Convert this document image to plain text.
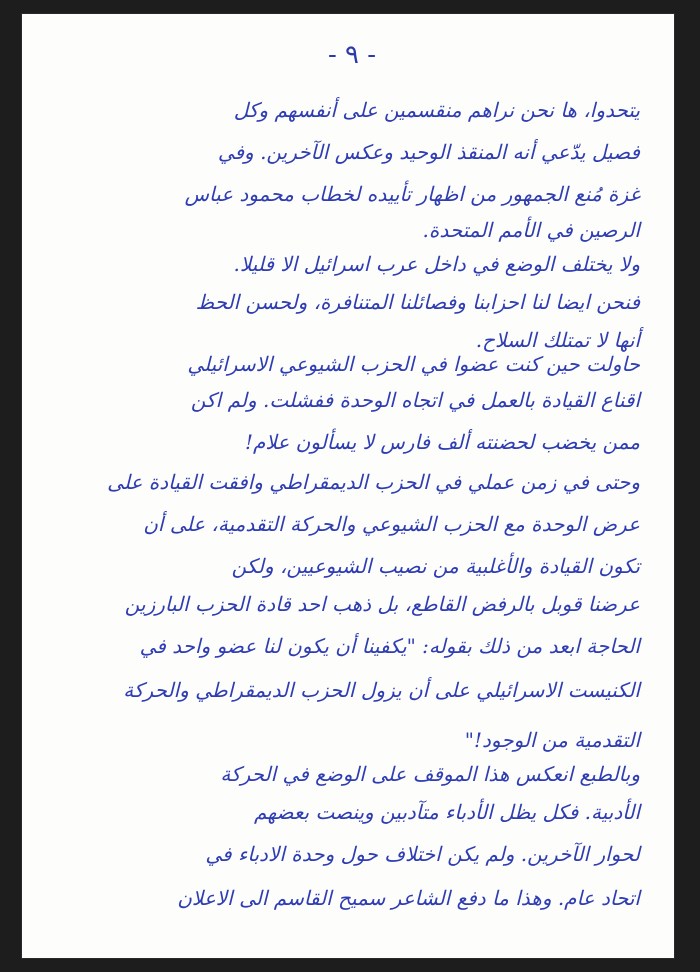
- ٩ -
يتحدوا، ها نحن نراهم منقسمين على أنفسهم وكل
فصيل يدّعي أنه المنقذ الوحيد وعكس الآخرين. وفي
غزة مُنع الجمهور من اظهار تأييده لخطاب محمود عباس
الرصين في الأمم المتحدة.
ولا يختلف الوضع في داخل عرب اسرائيل الا قليلا.
فنحن ايضا لنا احزابنا وفصائلنا المتنافرة، ولحسن الحظ
أنها لا تمتلك السلاح.
حاولت حين كنت عضوا في الحزب الشيوعي الاسرائيلي
اقناع القيادة بالعمل في اتجاه الوحدة ففشلت. ولم اكن
ممن يخضب لحضنته ألف فارس لا يسألون علام!
وحتى في زمن عملي في الحزب الديمقراطي وافقت القيادة على
عرض الوحدة مع الحزب الشيوعي والحركة التقدمية، على أن
تكون القيادة والأغلبية من نصيب الشيوعيين، ولكن
عرضنا قوبل بالرفض القاطع، بل ذهب احد قادة الحزب البارزين
الحاجة ابعد من ذلك بقوله: "يكفينا أن يكون لنا عضو واحد في
الكنيست الاسرائيلي على أن يزول الحزب الديمقراطي والحركة
التقدمية من الوجود!"
وبالطبع انعكس هذا الموقف على الوضع في الحركة
الأدبية. فكل يظل الأدباء متآدبين وينصت بعضهم
لحوار الآخرين. ولم يكن اختلاف حول وحدة الادباء في
اتحاد عام. وهذا ما دفع الشاعر سميح القاسم الى الاعلان
